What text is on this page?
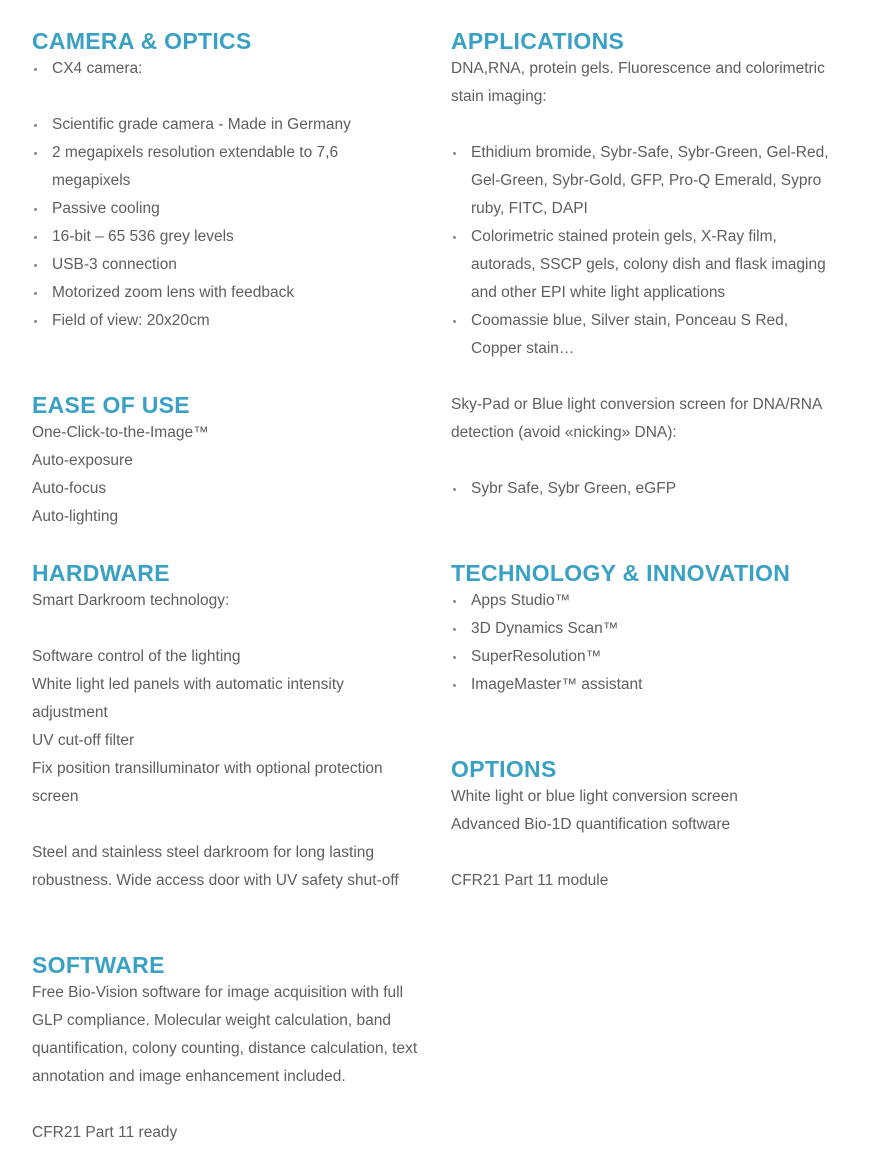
CAMERA & OPTICS
CX4 camera:
Scientific grade camera - Made in Germany
2 megapixels resolution extendable to 7,6 megapixels
Passive cooling
16-bit – 65 536 grey levels
USB-3 connection
Motorized zoom lens with feedback
Field of view: 20x20cm
EASE OF USE
One-Click-to-the-Image™
Auto-exposure
Auto-focus
Auto-lighting
HARDWARE
Smart Darkroom technology:
Software control of the lighting
White light led panels with automatic intensity adjustment
UV cut-off filter
Fix position transilluminator with optional protection screen
Steel and stainless steel darkroom for long lasting robustness. Wide access door with UV safety shut-off
SOFTWARE
Free Bio-Vision software for image acquisition with full GLP compliance. Molecular weight calculation, band quantification, colony counting, distance calculation, text annotation and image enhancement included.
CFR21 Part 11 ready
APPLICATIONS
DNA,RNA, protein gels. Fluorescence and colorimetric stain imaging:
Ethidium bromide, Sybr-Safe, Sybr-Green, Gel-Red, Gel-Green, Sybr-Gold, GFP, Pro-Q Emerald, Sypro ruby, FITC, DAPI
Colorimetric stained protein gels, X-Ray film, autorads, SSCP gels, colony dish and flask imaging and other EPI white light applications
Coomassie blue, Silver stain, Ponceau S Red, Copper stain…
Sky-Pad or Blue light conversion screen for DNA/RNA detection (avoid «nicking» DNA):
Sybr Safe, Sybr Green, eGFP
TECHNOLOGY & INNOVATION
Apps Studio™
3D Dynamics Scan™
SuperResolution™
ImageMaster™ assistant
OPTIONS
White light or blue light conversion screen
Advanced Bio-1D quantification software
CFR21 Part 11 module
